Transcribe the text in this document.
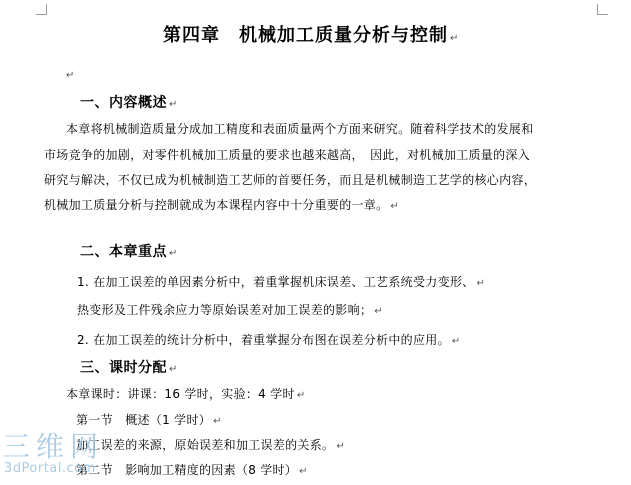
第四章　机械加工质量分析与控制 ↵
↵
一、内容概述 ↵
本章将机械制造质量分成加工精度和表面质量两个方面来研究。随着科学技术的发展和
市场竞争的加剧，对零件机械加工质量的要求也越来越高，　因此，对机械加工质量的深入
研究与解决，不仅已成为机械制造工艺师的首要任务，而且是机械制造工艺学的核心内容，
机械加工质量分析与控制就成为本课程内容中十分重要的一章。 ↵
二、本章重点 ↵
1. 在加工误差的单因素分析中，着重掌握机床误差、工艺系统受力变形、 ↵
热变形及工件残余应力等原始误差对加工误差的影响； ↵
2. 在加工误差的统计分析中，着重掌握分布图在误差分析中的应用。 ↵
三、课时分配 ↵
本章课时：讲课：16 学时，实验：4 学时 ↵
第一节　概述（1 学时） ↵
加工误差的来源，原始误差和加工误差的关系。 ↵
第二节　影响加工精度的因素（8 学时） ↵
三维网
3dPortal.com
